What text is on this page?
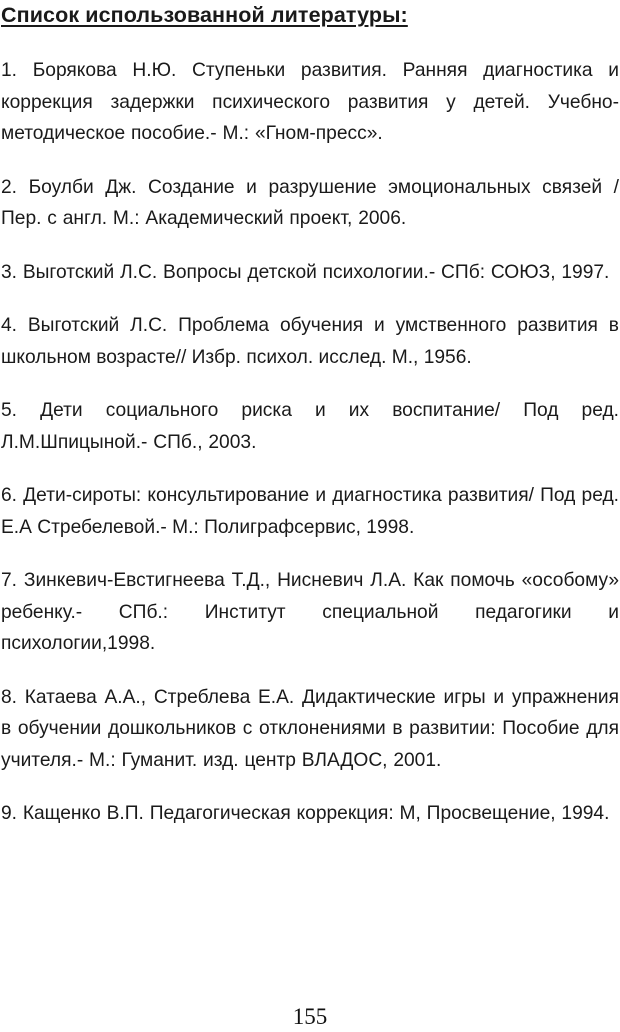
Список использованной литературы:
1. Борякова Н.Ю. Ступеньки развития. Ранняя диагностика и коррекция задержки психического развития у детей. Учебно-методическое пособие.- М.: «Гном-пресс».
2. Боулби Дж. Создание и разрушение эмоциональных связей / Пер. с англ. М.: Академический проект, 2006.
3. Выготский Л.С. Вопросы детской психологии.- СПб: СОЮЗ, 1997.
4. Выготский Л.С. Проблема обучения и умственного развития в школьном возрасте// Избр. психол. исслед. М., 1956.
5. Дети социального риска и их воспитание/ Под ред. Л.М.Шпицыной.- СПб., 2003.
6. Дети-сироты: консультирование и диагностика развития/ Под ред. Е.А Стребелевой.- М.: Полиграфсервис, 1998.
7. Зинкевич-Евстигнеева Т.Д., Нисневич Л.А. Как помочь «особому» ребенку.- СПб.: Институт специальной педагогики и психологии,1998.
8. Катаева А.А., Стреблева Е.А. Дидактические игры и упражнения в обучении дошкольников с отклонениями в развитии: Пособие для учителя.- М.: Гуманит. изд. центр ВЛАДОС, 2001.
9. Кащенко В.П. Педагогическая коррекция: М, Просвещение, 1994.
155
